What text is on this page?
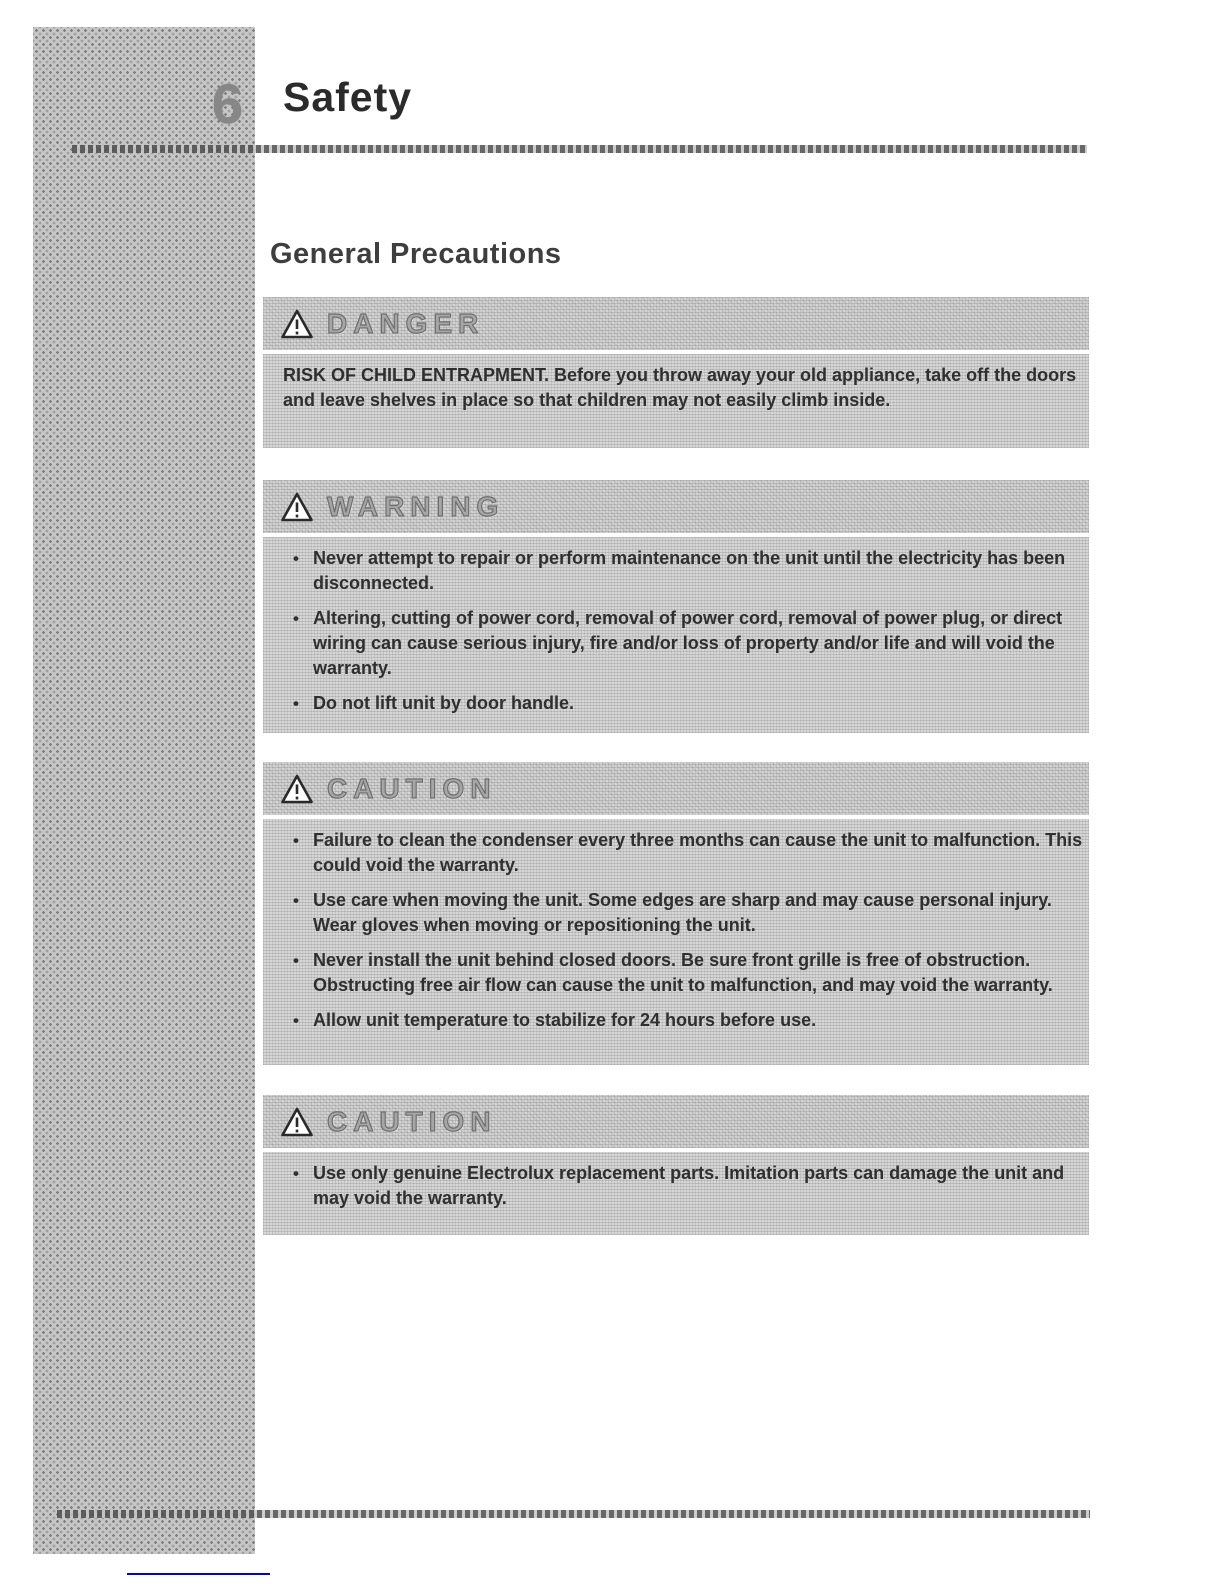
6 Safety
General Precautions
DANGER

RISK OF CHILD ENTRAPMENT. Before you throw away your old appliance, take off the doors and leave shelves in place so that children may not easily climb inside.

WARNING
• Never attempt to repair or perform maintenance on the unit until the electricity has been disconnected.
• Altering, cutting of power cord, removal of power cord, removal of power plug, or direct wiring can cause serious injury, fire and/or loss of property and/or life and will void the warranty.
• Do not lift unit by door handle.
CAUTION
• Failure to clean the condenser every three months can cause the unit to malfunction. This could void the warranty.
• Use care when moving the unit. Some edges are sharp and may cause personal injury. Wear gloves when moving or repositioning the unit.
• Never install the unit behind closed doors. Be sure front grille is free of obstruction. Obstructing free air flow can cause the unit to malfunction, and may void the warranty.
• Allow unit temperature to stabilize for 24 hours before use.
CAUTION
• Use only genuine Electrolux replacement parts. Imitation parts can damage the unit and may void the warranty.
